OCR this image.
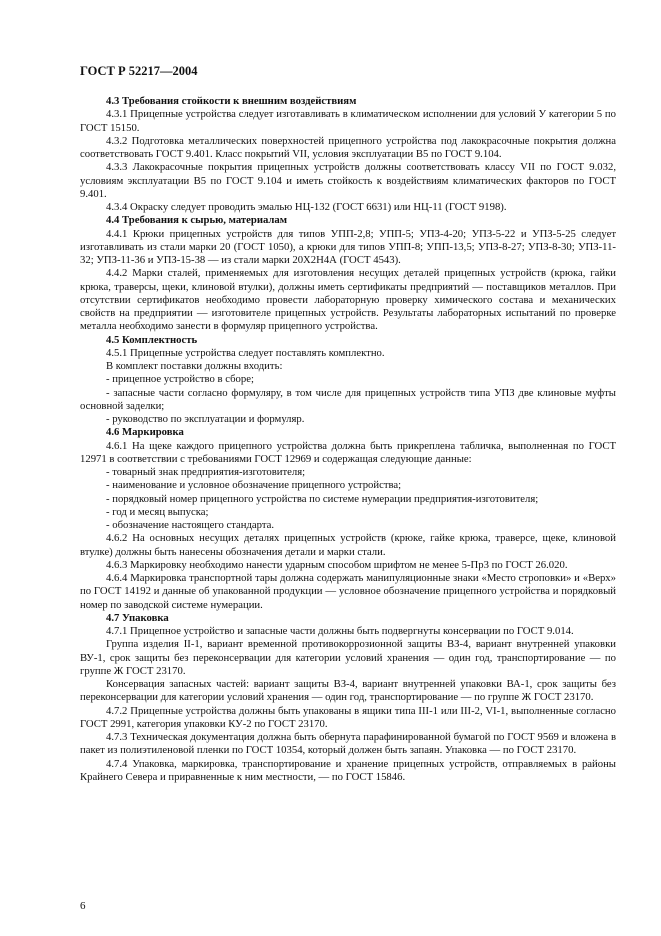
ГОСТ Р 52217—2004
4.3 Требования стойкости к внешним воздействиям
4.3.1 Прицепные устройства следует изготавливать в климатическом исполнении для условий У категории 5 по ГОСТ 15150.
4.3.2 Подготовка металлических поверхностей прицепного устройства под лакокрасочные покрытия должна соответствовать ГОСТ 9.401. Класс покрытий VII, условия эксплуатации В5 по ГОСТ 9.104.
4.3.3 Лакокрасочные покрытия прицепных устройств должны соответствовать классу VII по ГОСТ 9.032, условиям эксплуатации В5 по ГОСТ 9.104 и иметь стойкость к воздействиям климатических факторов по ГОСТ 9.401.
4.3.4 Окраску следует проводить эмалью НЦ-132 (ГОСТ 6631) или НЦ-11 (ГОСТ 9198).
4.4 Требования к сырью, материалам
4.4.1 Крюки прицепных устройств для типов УПП-2,8; УПП-5; УПЗ-4-20; УПЗ-5-22 и УПЗ-5-25 следует изготавливать из стали марки 20 (ГОСТ 1050), а крюки для типов УПП-8; УПП-13,5; УПЗ-8-27; УПЗ-8-30; УПЗ-11-32; УПЗ-11-36 и УПЗ-15-38 — из стали марки 20Х2Н4А (ГОСТ 4543).
4.4.2 Марки сталей, применяемых для изготовления несущих деталей прицепных устройств (крюка, гайки крюка, траверсы, щеки, клиновой втулки), должны иметь сертификаты предприятий — поставщиков металлов. При отсутствии сертификатов необходимо провести лабораторную проверку химического состава и механических свойств на предприятии — изготовителе прицепных устройств. Результаты лабораторных испытаний по проверке металла необходимо занести в формуляр прицепного устройства.
4.5 Комплектность
4.5.1 Прицепные устройства следует поставлять комплектно.
В комплект поставки должны входить:
- прицепное устройство в сборе;
- запасные части согласно формуляру, в том числе для прицепных устройств типа УПЗ две клиновые муфты основной заделки;
- руководство по эксплуатации и формуляр.
4.6 Маркировка
4.6.1 На щеке каждого прицепного устройства должна быть прикреплена табличка, выполненная по ГОСТ 12971 в соответствии с требованиями ГОСТ 12969 и содержащая следующие данные:
- товарный знак предприятия-изготовителя;
- наименование и условное обозначение прицепного устройства;
- порядковый номер прицепного устройства по системе нумерации предприятия-изготовителя;
- год и месяц выпуска;
- обозначение настоящего стандарта.
4.6.2 На основных несущих деталях прицепных устройств (крюке, гайке крюка, траверсе, щеке, клиновой втулке) должны быть нанесены обозначения детали и марки стали.
4.6.3 Маркировку необходимо нанести ударным способом шрифтом не менее 5-Пр3 по ГОСТ 26.020.
4.6.4 Маркировка транспортной тары должна содержать манипуляционные знаки «Место строповки» и «Верх» по ГОСТ 14192 и данные об упакованной продукции — условное обозначение прицепного устройства и порядковый номер по заводской системе нумерации.
4.7 Упаковка
4.7.1 Прицепное устройство и запасные части должны быть подвергнуты консервации по ГОСТ 9.014.
Группа изделия II-1, вариант временной противокоррозионной защиты ВЗ-4, вариант внутренней упаковки ВУ-1, срок защиты без переконсервации для категории условий хранения — один год, транспортирование — по группе Ж ГОСТ 23170.
Консервация запасных частей: вариант защиты ВЗ-4, вариант внутренней упаковки ВА-1, срок защиты без переконсервации для категории условий хранения — один год, транспортирование — по группе Ж ГОСТ 23170.
4.7.2 Прицепные устройства должны быть упакованы в ящики типа III-1 или III-2, VI-1, выполненные согласно ГОСТ 2991, категория упаковки КУ-2 по ГОСТ 23170.
4.7.3 Техническая документация должна быть обернута парафинированной бумагой по ГОСТ 9569 и вложена в пакет из полиэтиленовой пленки по ГОСТ 10354, который должен быть запаян. Упаковка — по ГОСТ 23170.
4.7.4 Упаковка, маркировка, транспортирование и хранение прицепных устройств, отправляемых в районы Крайнего Севера и приравненные к ним местности, — по ГОСТ 15846.
6
